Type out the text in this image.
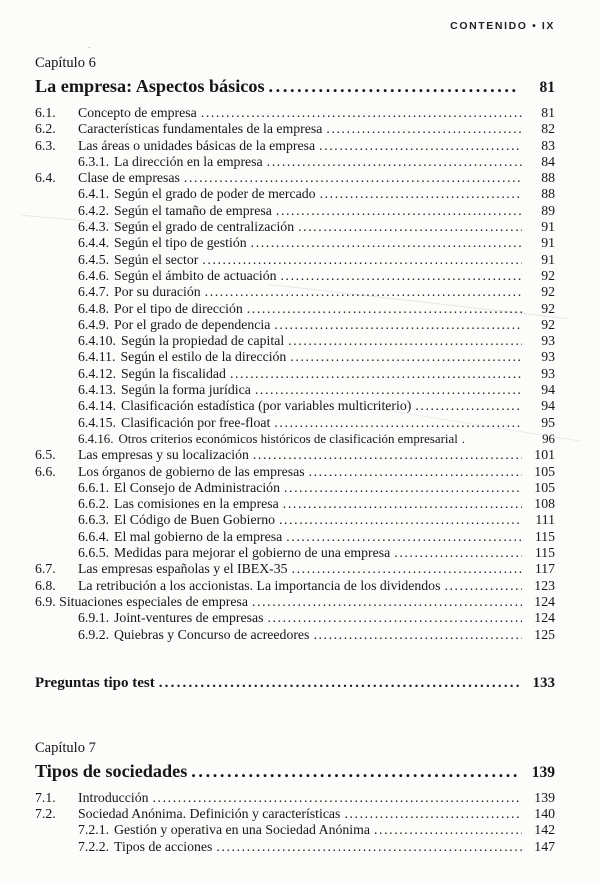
CONTENIDO • IX
Capítulo 6
La empresa: Aspectos básicos .....	81
6.1.	Concepto de empresa .....	81
6.2.	Características fundamentales de la empresa .....	82
6.3.	Las áreas o unidades básicas de la empresa .....	83
6.3.1. La dirección en la empresa .....	84
6.4.	Clase de empresas .....	88
6.4.1. Según el grado de poder de mercado .....	88
6.4.2. Según el tamaño de empresa .....	89
6.4.3. Según el grado de centralización .....	91
6.4.4. Según el tipo de gestión .....	91
6.4.5. Según el sector .....	91
6.4.6. Según el ámbito de actuación .....	92
6.4.7. Por su duración .....	92
6.4.8. Por el tipo de dirección .....	92
6.4.9. Por el grado de dependencia .....	92
6.4.10. Según la propiedad de capital .....	93
6.4.11. Según el estilo de la dirección .....	93
6.4.12. Según la fiscalidad .....	93
6.4.13. Según la forma jurídica .....	94
6.4.14. Clasificación estadística (por variables multicriterio) .....	94
6.4.15. Clasificación por free-float .....	95
6.4.16. Otros criterios económicos históricos de clasificación empresarial .	96
6.5.	Las empresas y su localización .....	101
6.6.	Los órganos de gobierno de las empresas .....	105
6.6.1. El Consejo de Administración .....	105
6.6.2. Las comisiones en la empresa .....	108
6.6.3. El Código de Buen Gobierno .....	111
6.6.4. El mal gobierno de la empresa .....	115
6.6.5. Medidas para mejorar el gobierno de una empresa .....	115
6.7.	Las empresas españolas y el IBEX-35 .....	117
6.8.	La retribución a los accionistas. La importancia de los dividendos .....	123
6.9. Situaciones especiales de empresa .....	124
6.9.1. Joint-ventures de empresas .....	124
6.9.2. Quiebras y Concurso de acreedores .....	125
Preguntas tipo test .....	133
Capítulo 7
Tipos de sociedades .....	139
7.1.	Introducción .....	139
7.2.	Sociedad Anónima. Definición y características .....	140
7.2.1. Gestión y operativa en una Sociedad Anónima .....	142
7.2.2. Tipos de acciones .....	147
